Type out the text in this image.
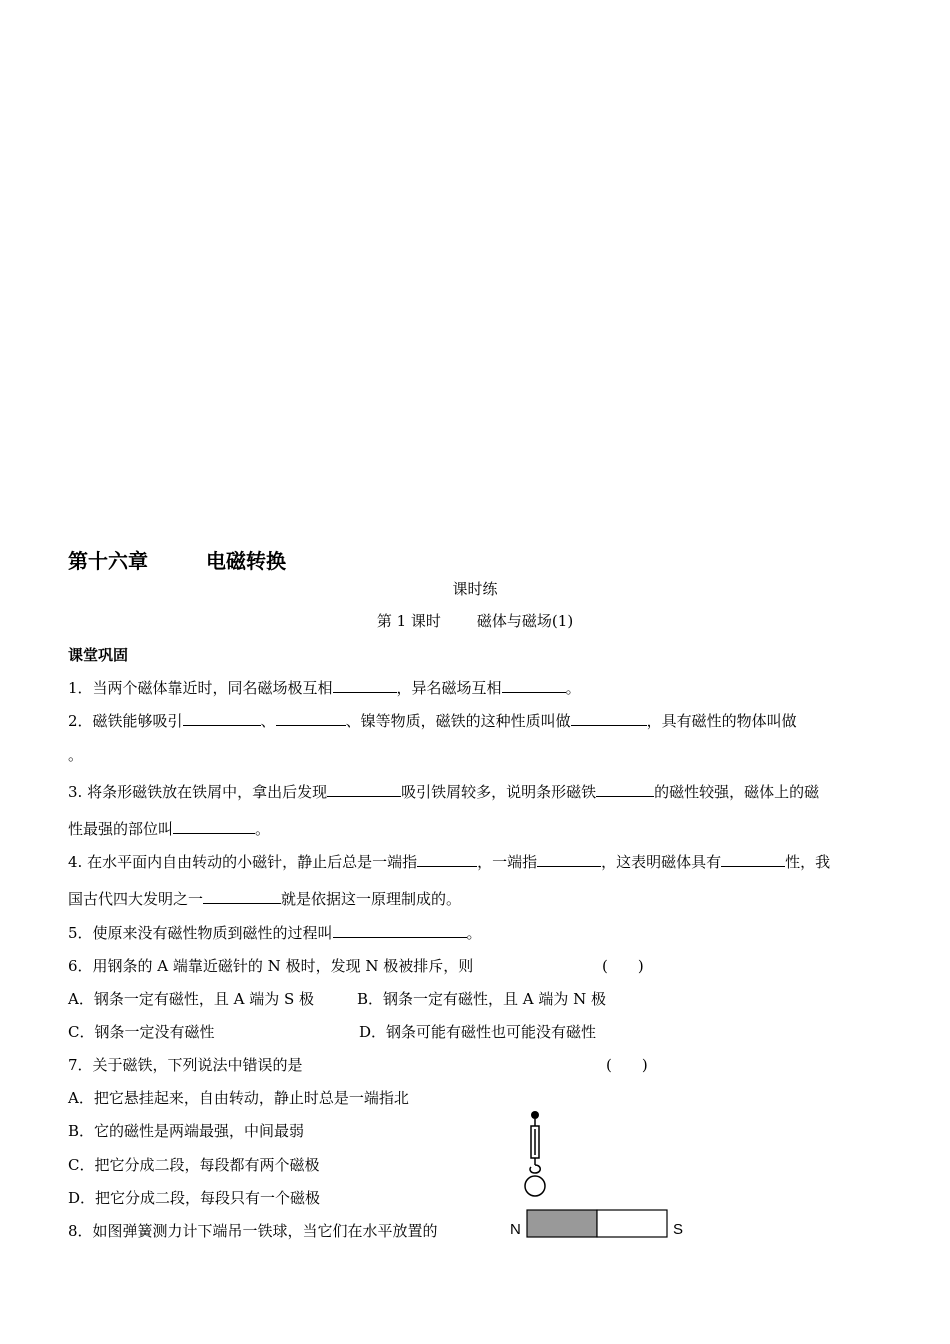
第十六章	电磁转换
课时练
第 1 课时 磁体与磁场(1)
课堂巩固
1．当两个磁体靠近时，同名磁场极互相	，异名磁场互相	。
2．磁铁能够吸引	、	、镍等物质，磁铁的这种性质叫做	，具有磁性的物体叫做
。
3. 将条形磁铁放在铁屑中，拿出后发现	吸引铁屑较多，说明条形磁铁	的磁性较强，磁体上的磁
性最强的部位叫	。
4. 在水平面内自由转动的小磁针，静止后总是一端指	，一端指	，这表明磁体具有	性，我
国古代四大发明之一	就是依据这一原理制成的。
5．使原来没有磁性物质到磁性的过程叫	。
6．用钢条的 A 端靠近磁针的 N 极时，发现 N 极被排斥，则	(　　)
A．钢条一定有磁性，且 A 端为 S 极	B．钢条一定有磁性，且 A 端为 N 极
C．钢条一定没有磁性	D．钢条可能有磁性也可能没有磁性
7．关于磁铁，下列说法中错误的是	(　　)
A．把它悬挂起来，自由转动，静止时总是一端指北
B．它的磁性是两端最强，中间最弱
C．把它分成二段，每段都有两个磁极
D．把它分成二段，每段只有一个磁极
8．如图弹簧测力计下端吊一铁球，当它们在水平放置的	N	S
